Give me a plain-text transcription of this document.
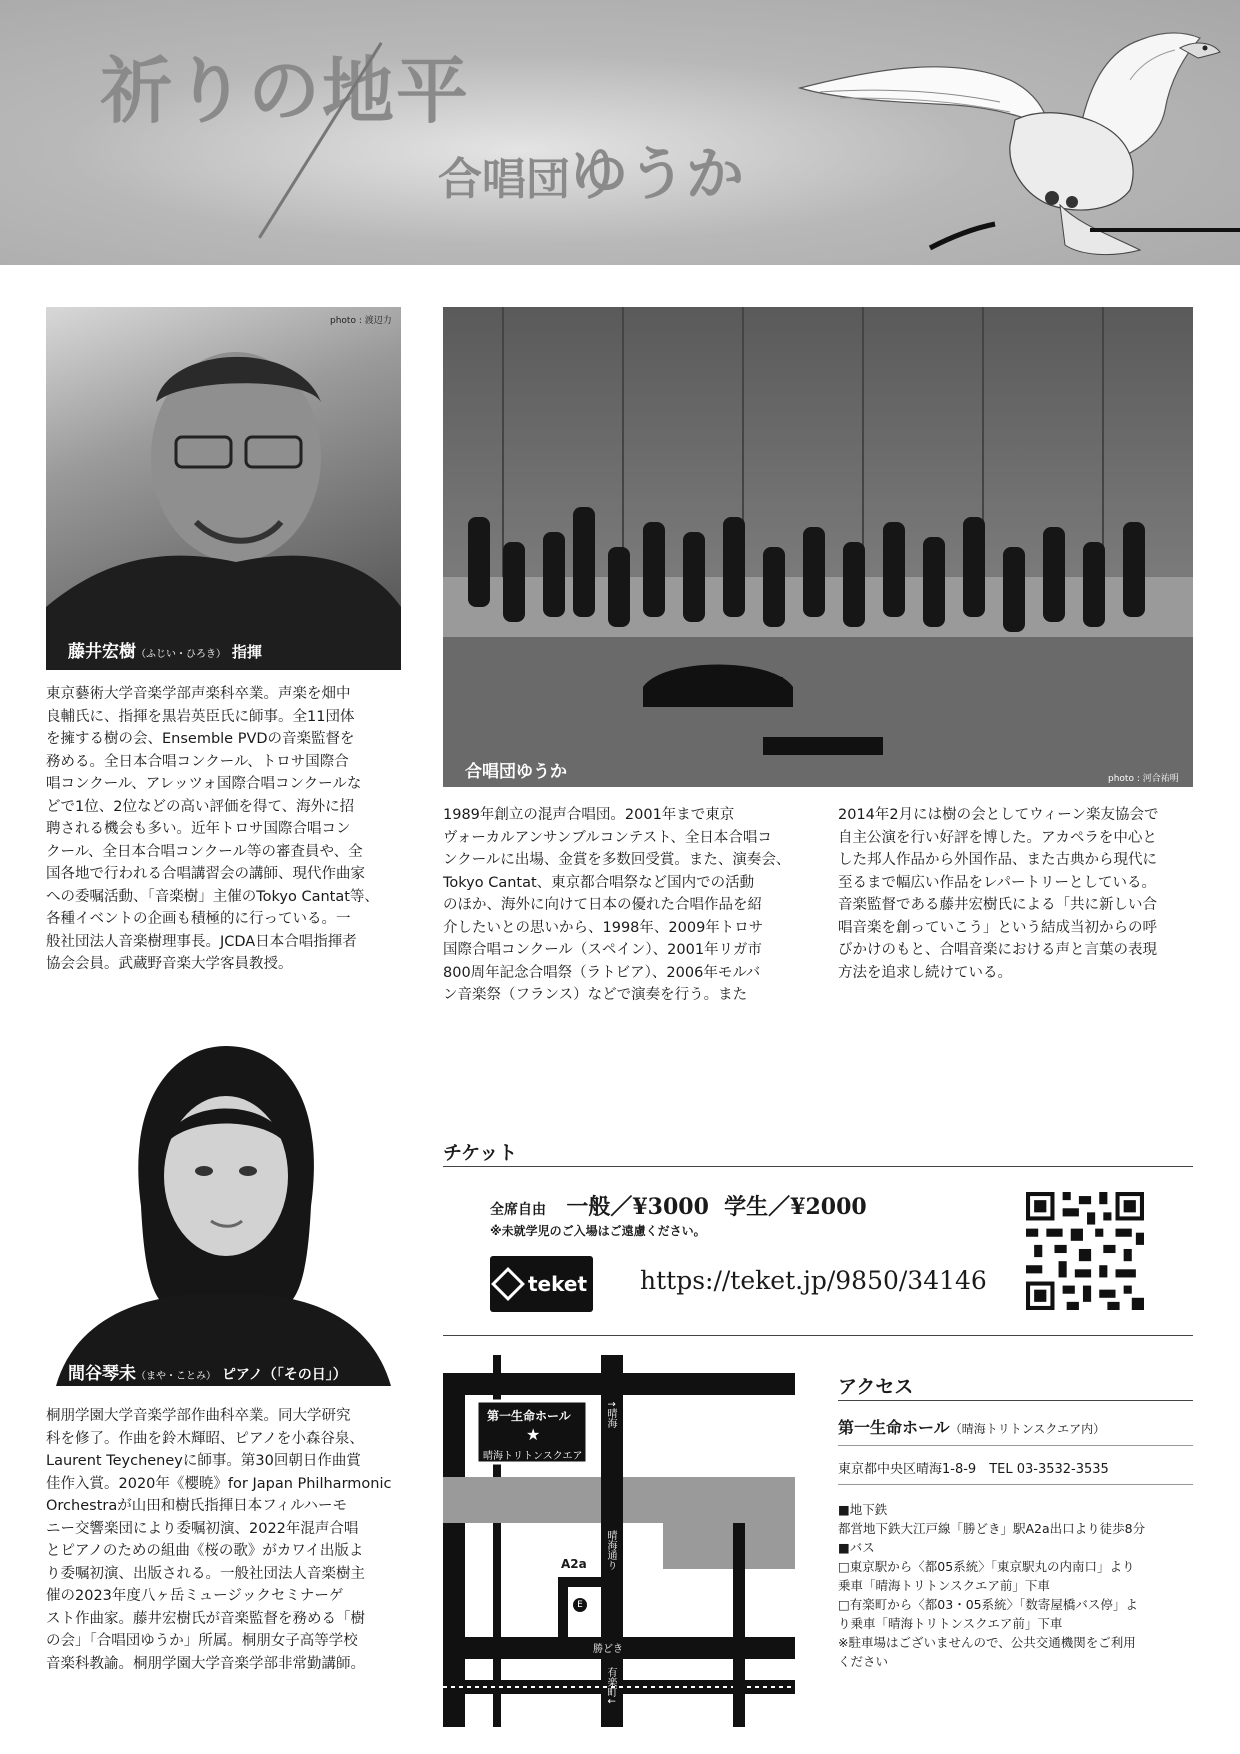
祈りの地平
合唱団ゆうか
photo : 渡辺力
藤井宏樹（ふじい・ひろき） 指揮
東京藝術大学音楽学部声楽科卒業。声楽を畑中
良輔氏に、指揮を黒岩英臣氏に師事。全11団体
を擁する樹の会、Ensemble PVDの音楽監督を
務める。全日本合唱コンクール、トロサ国際合
唱コンクール、アレッツォ国際合唱コンクールな
どで1位、2位などの高い評価を得て、海外に招
聘される機会も多い。近年トロサ国際合唱コン
クール、全日本合唱コンクール等の審査員や、全
国各地で行われる合唱講習会の講師、現代作曲家
への委嘱活動、「音楽樹」主催のTokyo Cantat等、
各種イベントの企画も積極的に行っている。一
般社団法人音楽樹理事長。JCDA日本合唱指揮者
協会会員。武蔵野音楽大学客員教授。
合唱団ゆうか	photo : 河合祐明
1989年創立の混声合唱団。2001年まで東京
ヴォーカルアンサンブルコンテスト、全日本合唱コ
ンクールに出場、金賞を多数回受賞。また、演奏会、
Tokyo Cantat、東京都合唱祭など国内での活動
のほか、海外に向けて日本の優れた合唱作品を紹
介したいとの思いから、1998年、2009年トロサ
国際合唱コンクール（スペイン）、2001年リガ市
800周年記念合唱祭（ラトビア）、2006年モルバ
ン音楽祭（フランス）などで演奏を行う。また
2014年2月には樹の会としてウィーン楽友協会で
自主公演を行い好評を博した。アカペラを中心と
した邦人作品から外国作品、また古典から現代に
至るまで幅広い作品をレパートリーとしている。
音楽監督である藤井宏樹氏による「共に新しい合
唱音楽を創っていこう」という結成当初からの呼
びかけのもと、合唱音楽における声と言葉の表現
方法を追求し続けている。
間谷琴未（まや・ことみ） ピアノ（「その日」）
桐朋学園大学音楽学部作曲科卒業。同大学研究
科を修了。作曲を鈴木輝昭、ピアノを小森谷泉、
Laurent Teycheneyに師事。第30回朝日作曲賞
佳作入賞。2020年《櫻暁》for Japan Philharmonic
Orchestraが山田和樹氏指揮日本フィルハーモ
ニー交響楽団により委嘱初演、2022年混声合唱
とピアノのための組曲《桜の歌》がカワイ出版よ
り委嘱初演、出版される。一般社団法人音楽樹主
催の2023年度八ヶ岳ミュージックセミナーゲ
スト作曲家。藤井宏樹氏が音楽監督を務める「樹
の会」「合唱団ゆうか」所属。桐朋女子高等学校
音楽科教諭。桐朋学園大学音楽学部非常勤講師。
チケット
全席自由 一般／¥3000 学生／¥2000
※未就学児のご入場はご遠慮ください。
teket https://teket.jp/9850/34146
第一生命ホール
★
晴海トリトンスクエア
↑晴海
晴海通り
A2a
E
勝どき
有楽町↓
アクセス
第一生命ホール（晴海トリトンスクエア内）
東京都中央区晴海1-8-9　TEL 03-3532-3535
■地下鉄
都営地下鉄大江戸線「勝どき」駅A2a出口より徒歩8分
■バス
□東京駅から〈都05系統〉「東京駅丸の内南口」より
乗車「晴海トリトンスクエア前」下車
□有楽町から〈都03・05系統〉「数寄屋橋バス停」よ
り乗車「晴海トリトンスクエア前」下車
※駐車場はございませんので、公共交通機関をご利用
ください
